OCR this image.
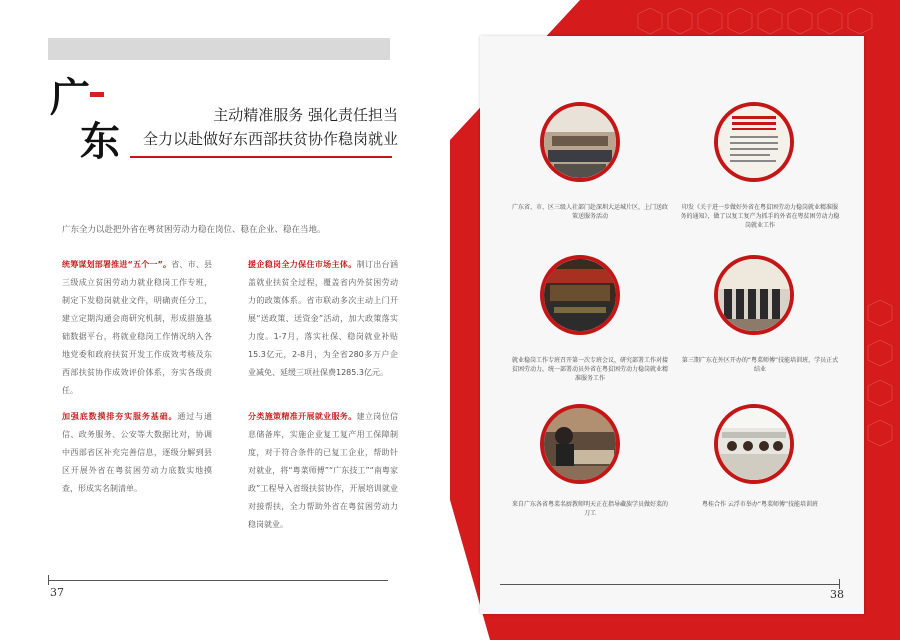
广
东
主动精准服务 强化责任担当
全力以赴做好东西部扶贫协作稳岗就业
广东全力以赴把外省在粤贫困劳动力稳在岗位、稳在企业、稳在当地。
统筹谋划部署推进“五个一”。省、市、县三级成立贫困劳动力就业稳岗工作专班，制定下发稳岗就业文件，明确责任分工，建立定期沟通会商研究机制，形成措施基础数据平台，将就业稳岗工作情况纳入各地党委和政府扶贫开发工作成效考核及东西部扶贫协作成效评价体系，夯实各级责任。
援企稳岗全力保住市场主体。制订出台涵盖就业扶贫全过程，覆盖省内外贫困劳动力的政策体系。省市联动多次主动上门开展“送政策、送资金”活动，加大政策落实力度。1-7月，落实社保、稳岗就业补贴15.3亿元，2-8月，为全省280多万户企业减免、延缓三项社保费1285.3亿元。
加强底数摸排夯实服务基础。通过与通信、政务服务、公安等大数据比对，协调中西部省区补充完善信息，逐级分解到县区开展外省在粤贫困劳动力底数实地摸查，形成实名制清单。
分类施策精准开展就业服务。建立岗位信息储备库，实施企业复工复产用工保障制度，对于符合条件的已复工企业，帮助针对就业，将“粤菜师傅”“广东技工”“南粤家政”工程导入省级扶贫协作，开展培训就业对接帮扶，全力帮助外省在粤贫困劳动力稳岗就业。
37
广东省、市、区三级人社部门赴深圳大运城片区，上门送政策送服务活动
印发《关于进一步做好外省在粤贫困劳动力稳岗就业精准服务的通知》，做了以复工复产为抓手的外省在粤贫困劳动力稳岗就业工作
就业稳岗工作专班召开第一次专班会议，研究部署工作对接贫困劳动力，统一部署动员外省在粤贫困劳动力稳岗就业精准服务工作
第三期广东在外区开办的“粤菜师傅”技能培训班，学员正式结业
来自广东各省粤菜名厨教师明天正在指导藏族学员做好菜的刀工
粤桂合作 云浮市举办“粤菜师傅”技能培训班
38
